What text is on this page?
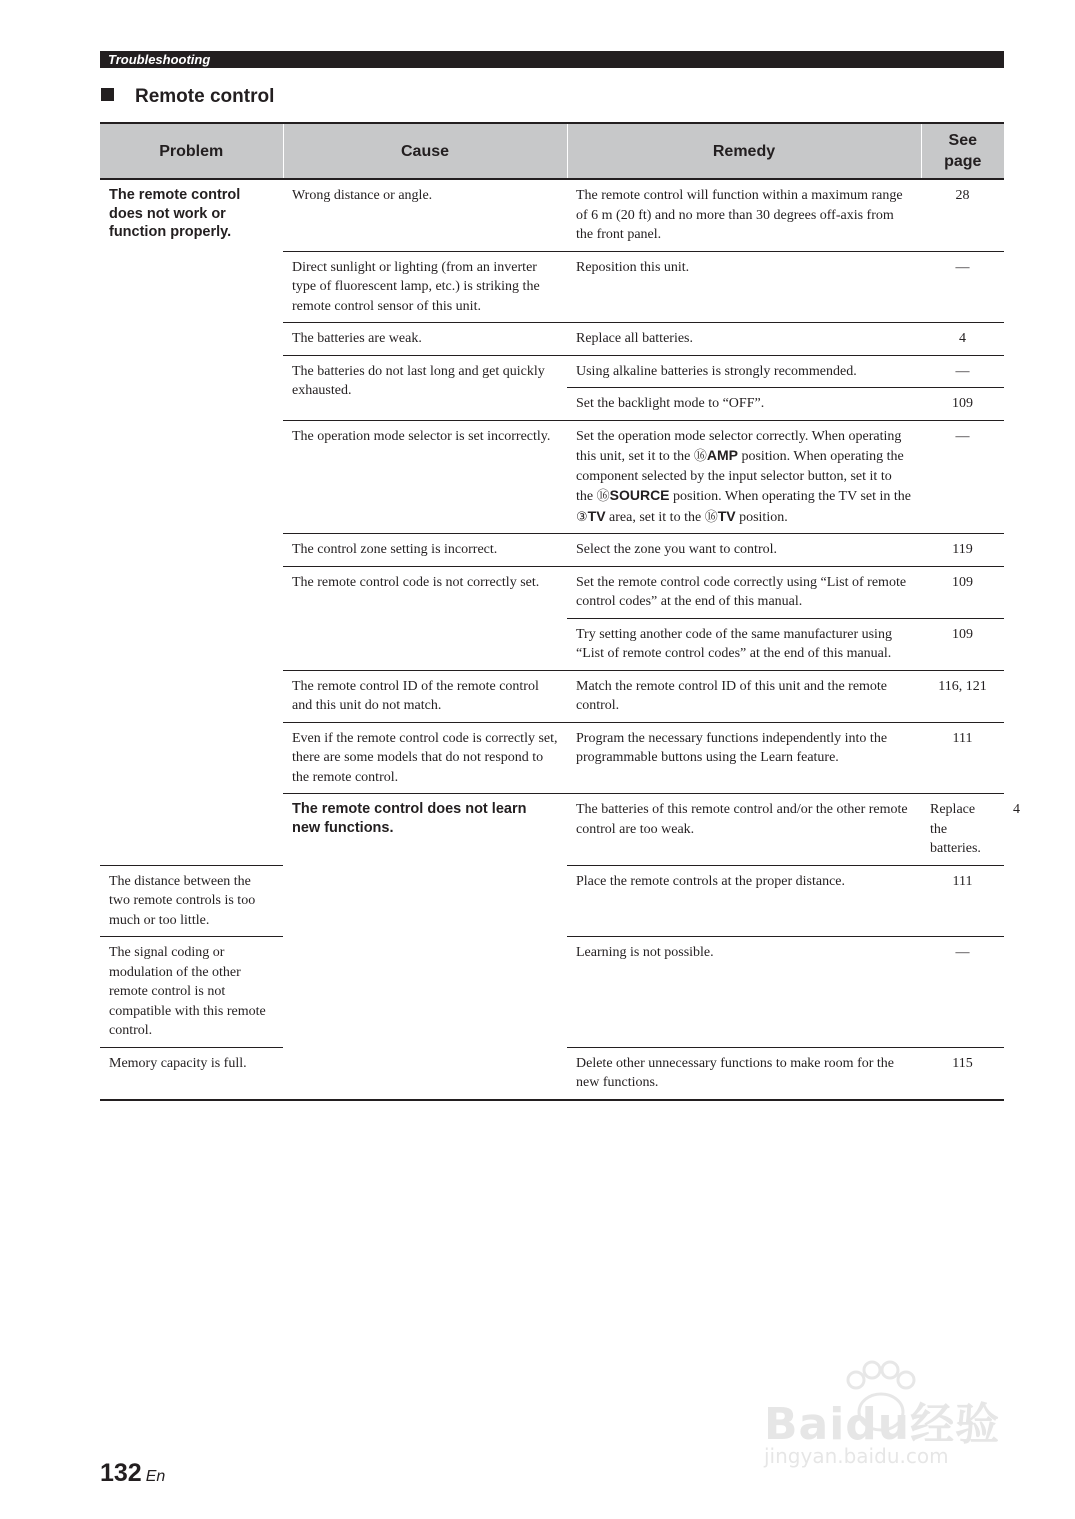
Troubleshooting
Remote control
Problem	Cause	Remedy	See
page	
The remote control does not work or function properly.	Wrong distance or angle.	The remote control will function within a maximum range of 6 m (20 ft) and no more than 30 degrees off-axis from the front panel.	28	
	Direct sunlight or lighting (from an inverter type of fluorescent lamp, etc.) is striking the remote control sensor of this unit.	Reposition this unit.	—	
	The batteries are weak.	Replace all batteries.	4	
	The batteries do not last long and get quickly exhausted.	Using alkaline batteries is strongly recommended.	—	
		Set the backlight mode to “OFF”.	109	
	The operation mode selector is set incorrectly.	Set the operation mode selector correctly. When operating this unit, set it to the ⑯AMP position. When operating the component selected by the input selector button, set it to the ⑯SOURCE position. When operating the TV set in the ③TV area, set it to the ⑯TV position.	—	
	The control zone setting is incorrect.	Select the zone you want to control.	119	
	The remote control code is not correctly set.	Set the remote control code correctly using “List of remote control codes” at the end of this manual.	109	
		Try setting another code of the same manufacturer using “List of remote control codes” at the end of this manual.	109	
	The remote control ID of the remote control and this unit do not match.	Match the remote control ID of this unit and the remote control.	116, 121	
	Even if the remote control code is correctly set, there are some models that do not respond to the remote control.	Program the necessary functions independently into the programmable buttons using the Learn feature.	111	
	The remote control does not learn new functions.	The batteries of this remote control and/or the other remote control are too weak.	Replace the batteries.	4
The distance between the two remote controls is too much or too little.		Place the remote controls at the proper distance.	111	
The signal coding or modulation of the other remote control is not compatible with this remote control.		Learning is not possible.	—	
Memory capacity is full.		Delete other unnecessary functions to make room for the new functions.	115	
132 En
Baidu经验
jingyan.baidu.com
